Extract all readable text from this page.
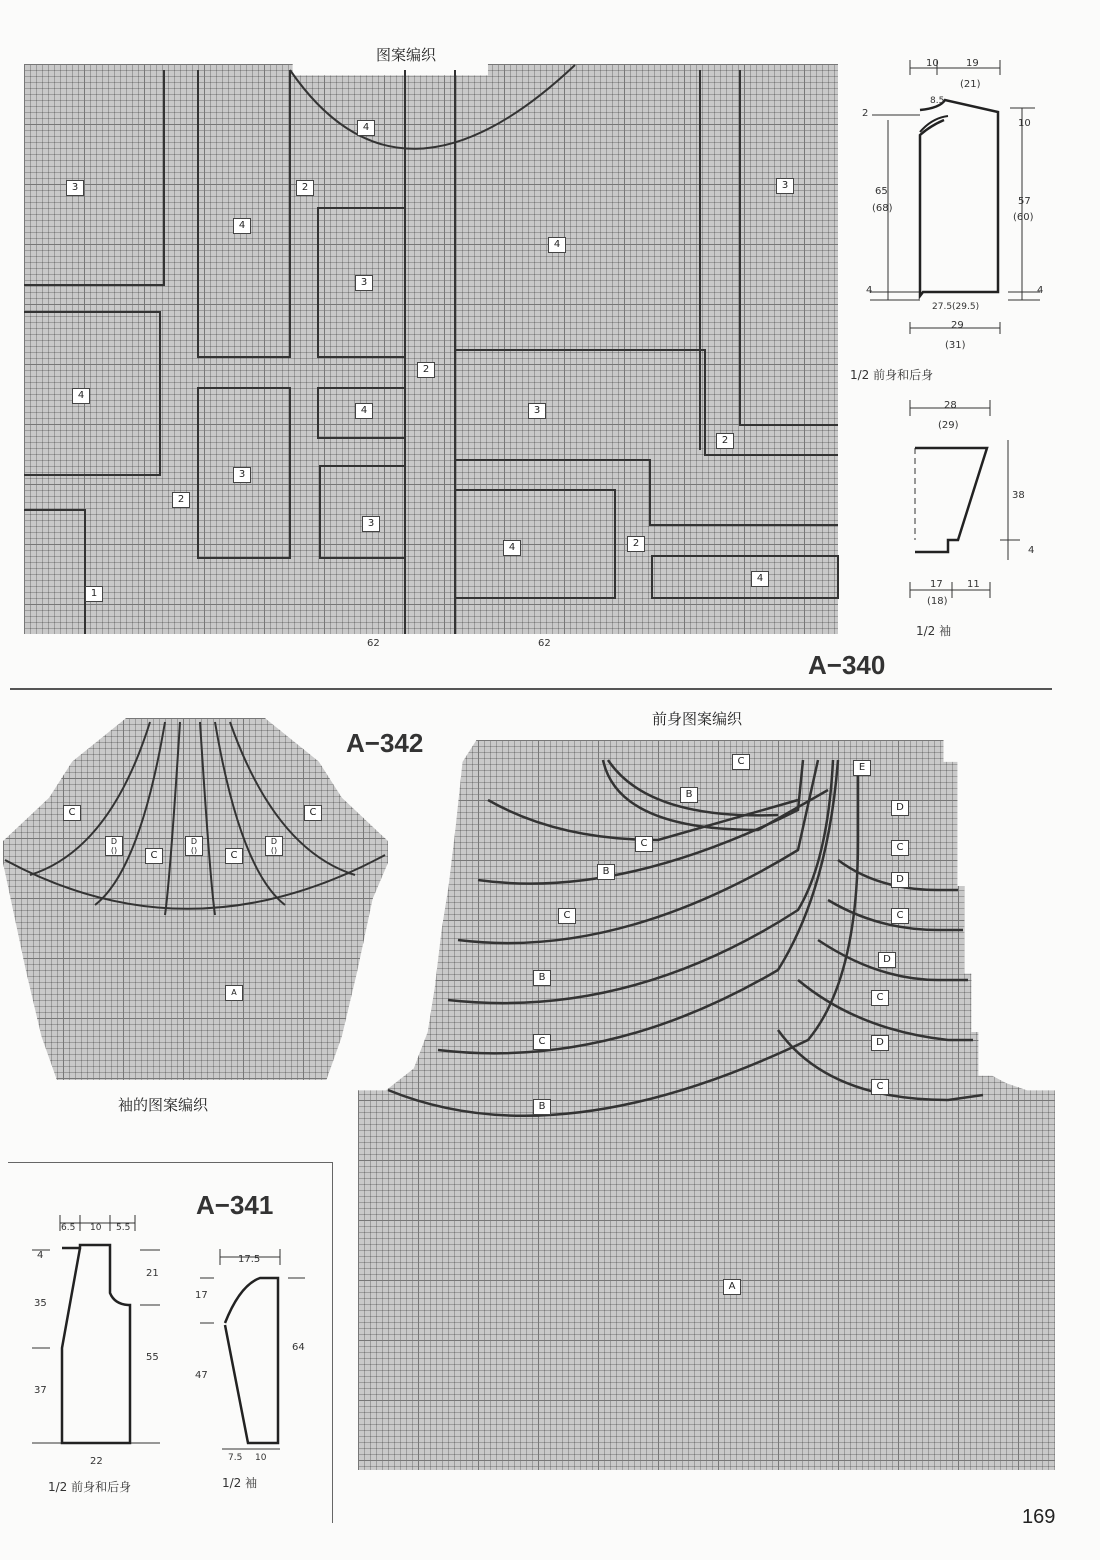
图案编织
4
3	2
4
4
3
3
2
4
4	3
2
3
2
3
2
4
4
1
62	62
10	19
(21)
8.5
2
65
(68)
10
57
(60)
4	4
27.5(29.5)
29
(31)
1/2 前身和后身
28
(29)
38
4
17
(18)
11
1/2 袖
A−340
C	C
D
()	C
D
()	C
D
()
A
袖的图案编织
A−342
前身图案编织
C
E
B
D
C	C
B
D
C	C
D
B
C
C	D
C
B
A
A−341
6.5 10 5.5
4
35
37
21
55
22
1/2 前身和后身
17.5
17
47
64
7.5 10
1/2 袖
169
